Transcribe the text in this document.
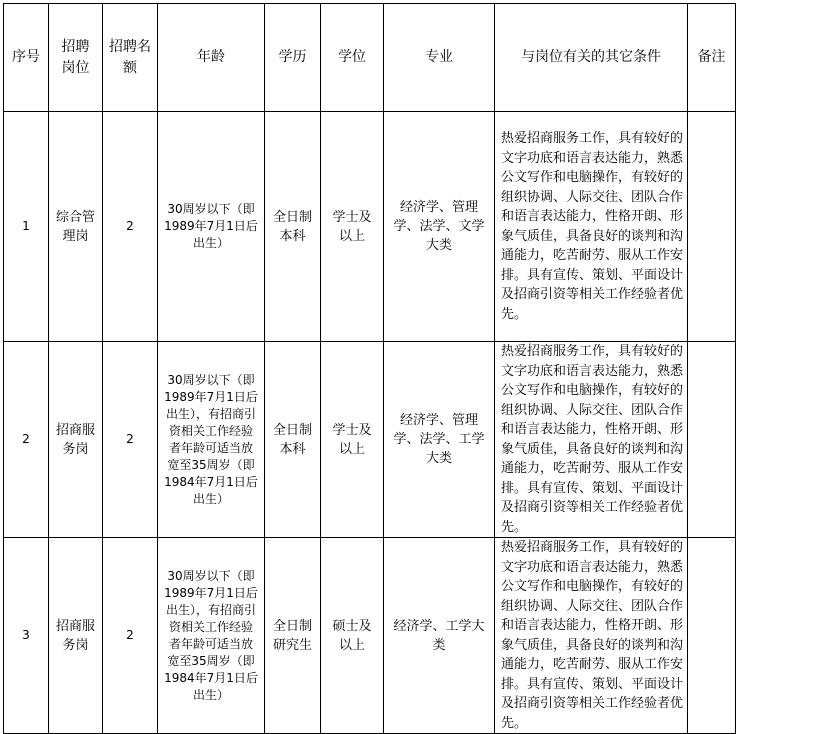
序号	招聘岗位	招聘名额	年龄	学历	学位	专业	与岗位有关的其它条件	备注
1	综合管理岗	2	30周岁以下（即1989年7月1日后出生）	全日制本科	学士及以上	经济学、管理学、法学、文学大类	热爱招商服务工作，具有较好的文字功底和语言表达能力，熟悉公文写作和电脑操作，有较好的组织协调、人际交往、团队合作和语言表达能力，性格开朗、形象气质佳，具备良好的谈判和沟通能力，吃苦耐劳、服从工作安排。具有宣传、策划、平面设计及招商引资等相关工作经验者优先。	
2	招商服务岗	2	30周岁以下（即1989年7月1日后出生），有招商引资相关工作经验者年龄可适当放宽至35周岁（即1984年7月1日后出生）	全日制本科	学士及以上	经济学、管理学、法学、工学大类	热爱招商服务工作，具有较好的文字功底和语言表达能力，熟悉公文写作和电脑操作，有较好的组织协调、人际交往、团队合作和语言表达能力，性格开朗、形象气质佳，具备良好的谈判和沟通能力，吃苦耐劳、服从工作安排。具有宣传、策划、平面设计及招商引资等相关工作经验者优先。	
3	招商服务岗	2	30周岁以下（即1989年7月1日后出生），有招商引资相关工作经验者年龄可适当放宽至35周岁（即1984年7月1日后出生）	全日制研究生	硕士及以上	经济学、工学大类	热爱招商服务工作，具有较好的文字功底和语言表达能力，熟悉公文写作和电脑操作，有较好的组织协调、人际交往、团队合作和语言表达能力，性格开朗、形象气质佳，具备良好的谈判和沟通能力，吃苦耐劳、服从工作安排。具有宣传、策划、平面设计及招商引资等相关工作经验者优先。	
